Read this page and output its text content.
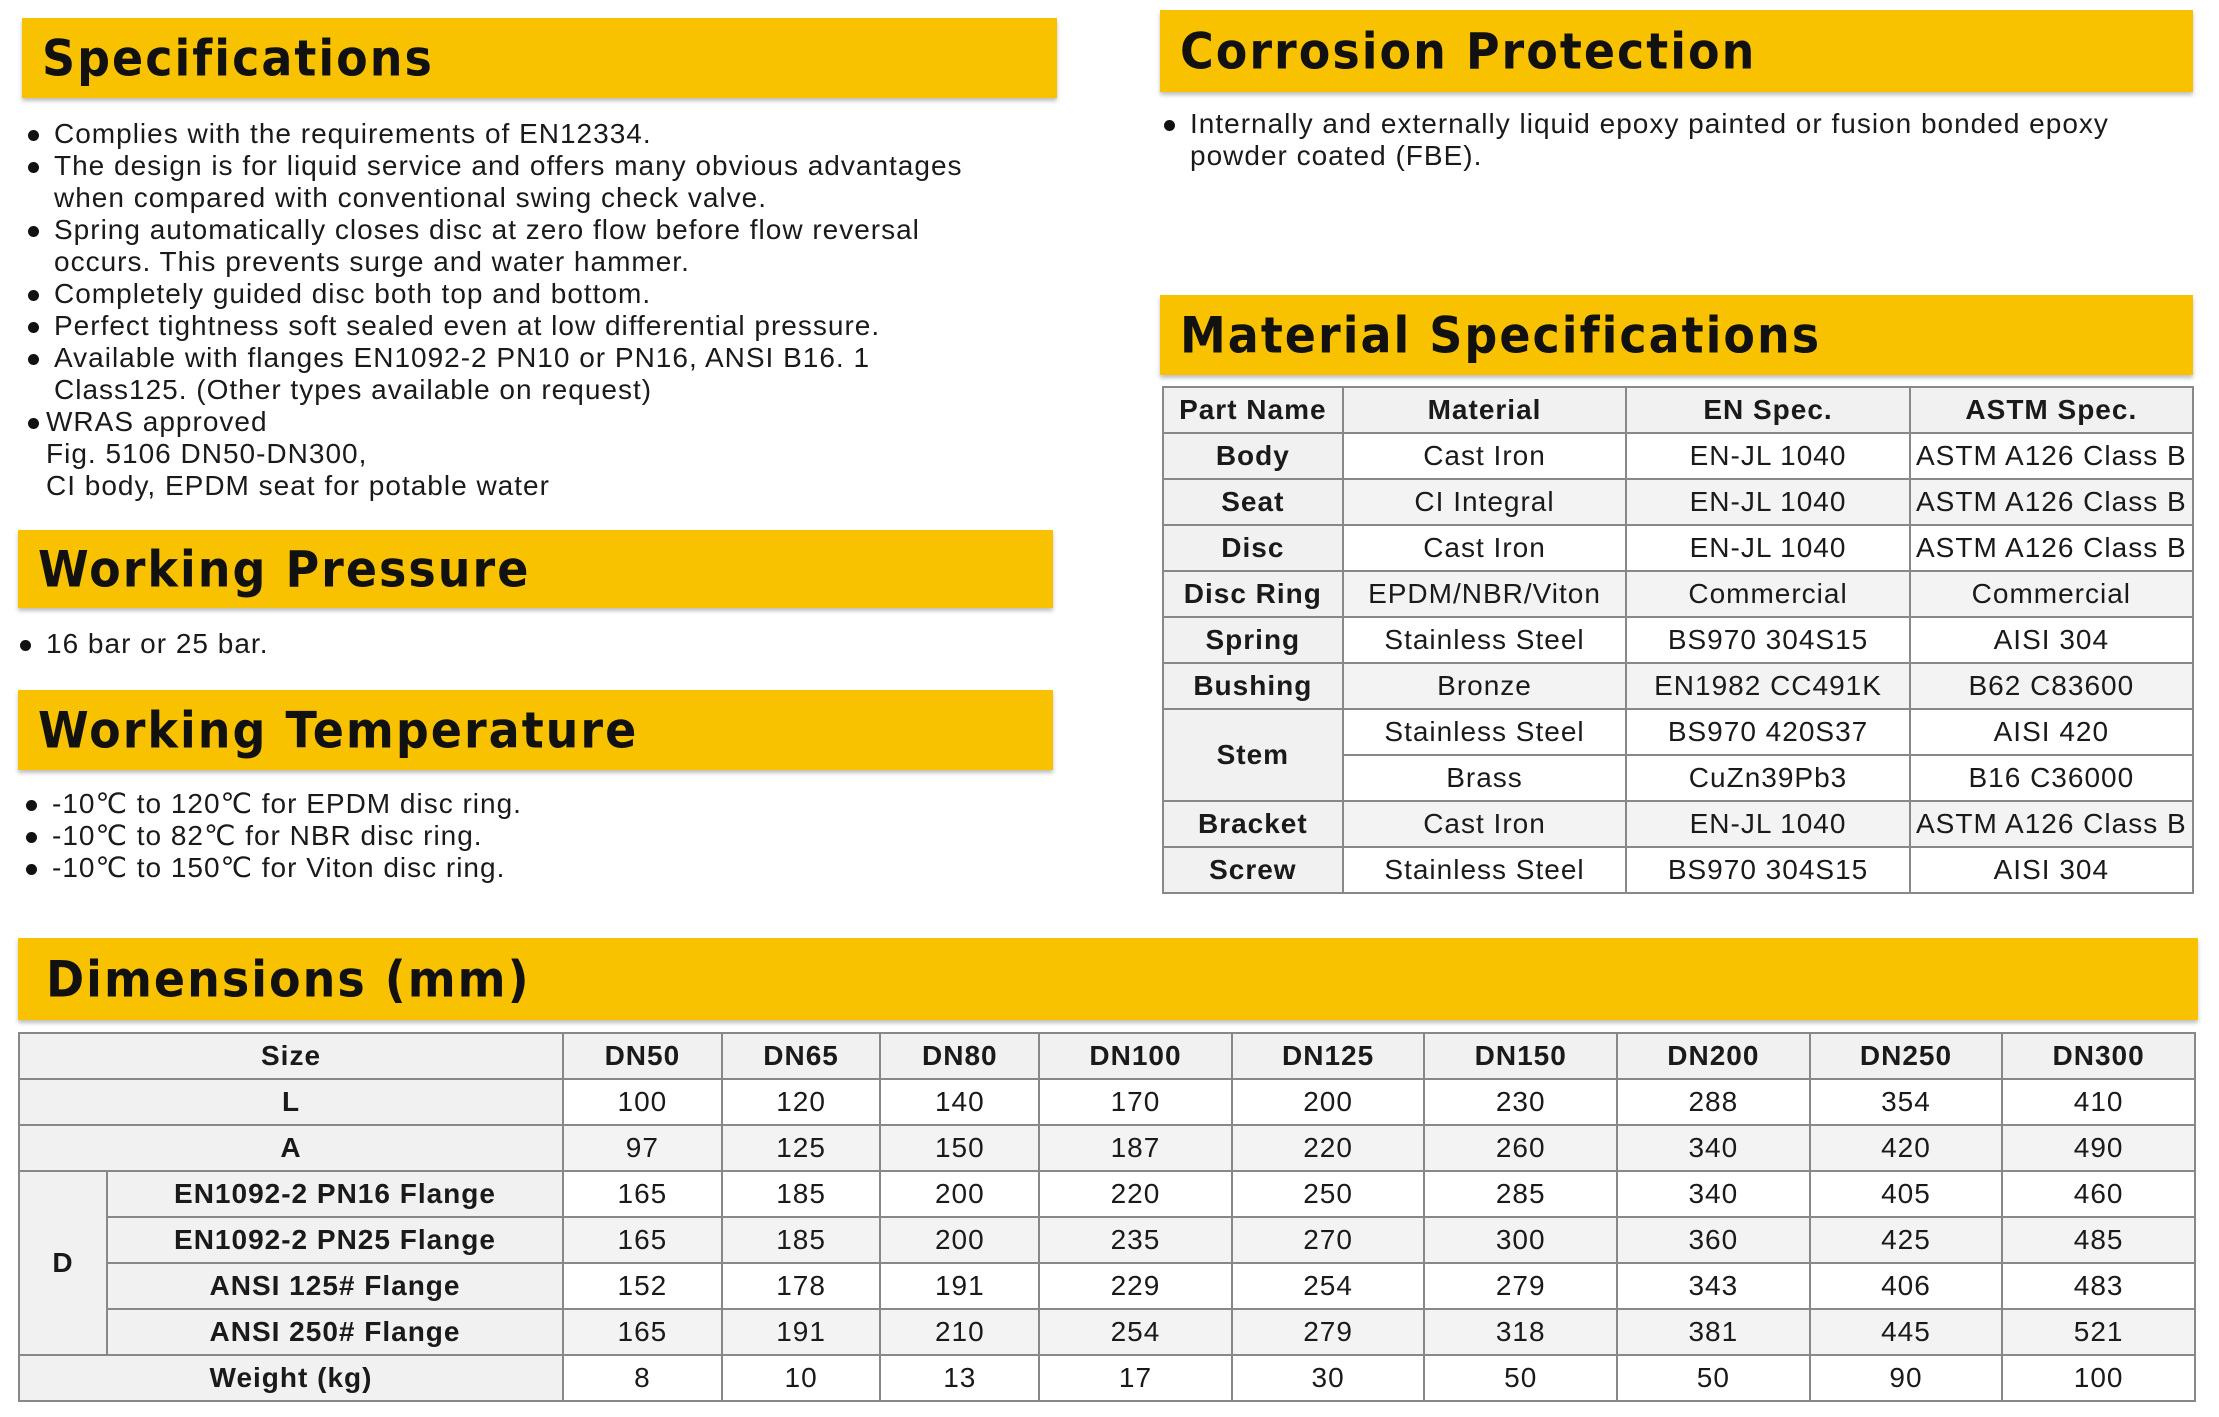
Specifications
Complies with the requirements of EN12334.
The design is for liquid service and offers many obvious advantages
when compared with conventional swing check valve.
Spring automatically closes disc at zero flow before flow reversal
occurs. This prevents surge and water hammer.
Completely guided disc both top and bottom.
Perfect tightness soft sealed even at low differential pressure.
Available with flanges EN1092-2 PN10 or PN16, ANSI B16. 1
Class125. (Other types available on request)
WRAS approved
Fig. 5106 DN50-DN300,
CI body, EPDM seat for potable water
Working Pressure
16 bar or 25 bar.
Working Temperature
-10℃ to 120℃ for EPDM disc ring.
-10℃ to 82℃ for NBR disc ring.
-10℃ to 150℃ for Viton disc ring.
Corrosion Protection
Internally and externally liquid epoxy painted or fusion bonded epoxy
powder coated (FBE).
Material Specifications
Part Name	Material	EN Spec.	ASTM Spec.
Body	Cast Iron	EN-JL 1040	ASTM A126 Class B
Seat	CI Integral	EN-JL 1040	ASTM A126 Class B
Disc	Cast Iron	EN-JL 1040	ASTM A126 Class B
Disc Ring	EPDM/NBR/Viton	Commercial	Commercial
Spring	Stainless Steel	BS970 304S15	AISI 304
Bushing	Bronze	EN1982 CC491K	B62 C83600
Stem	Stainless Steel	BS970 420S37	AISI 420
	Brass	CuZn39Pb3	B16 C36000
Bracket	Cast Iron	EN-JL 1040	ASTM A126 Class B
Screw	Stainless Steel	BS970 304S15	AISI 304
Dimensions (mm)
Size		DN50	DN65	DN80	DN100	DN125	DN150	DN200	DN250	DN300
L		100	120	140	170	200	230	288	354	410
A		97	125	150	187	220	260	340	420	490
D	EN1092-2 PN16 Flange	165	185	200	220	250	285	340	405	460
	EN1092-2 PN25 Flange	165	185	200	235	270	300	360	425	485
	ANSI 125# Flange	152	178	191	229	254	279	343	406	483
	ANSI 250# Flange	165	191	210	254	279	318	381	445	521
Weight (kg)		8	10	13	17	30	50	50	90	100
